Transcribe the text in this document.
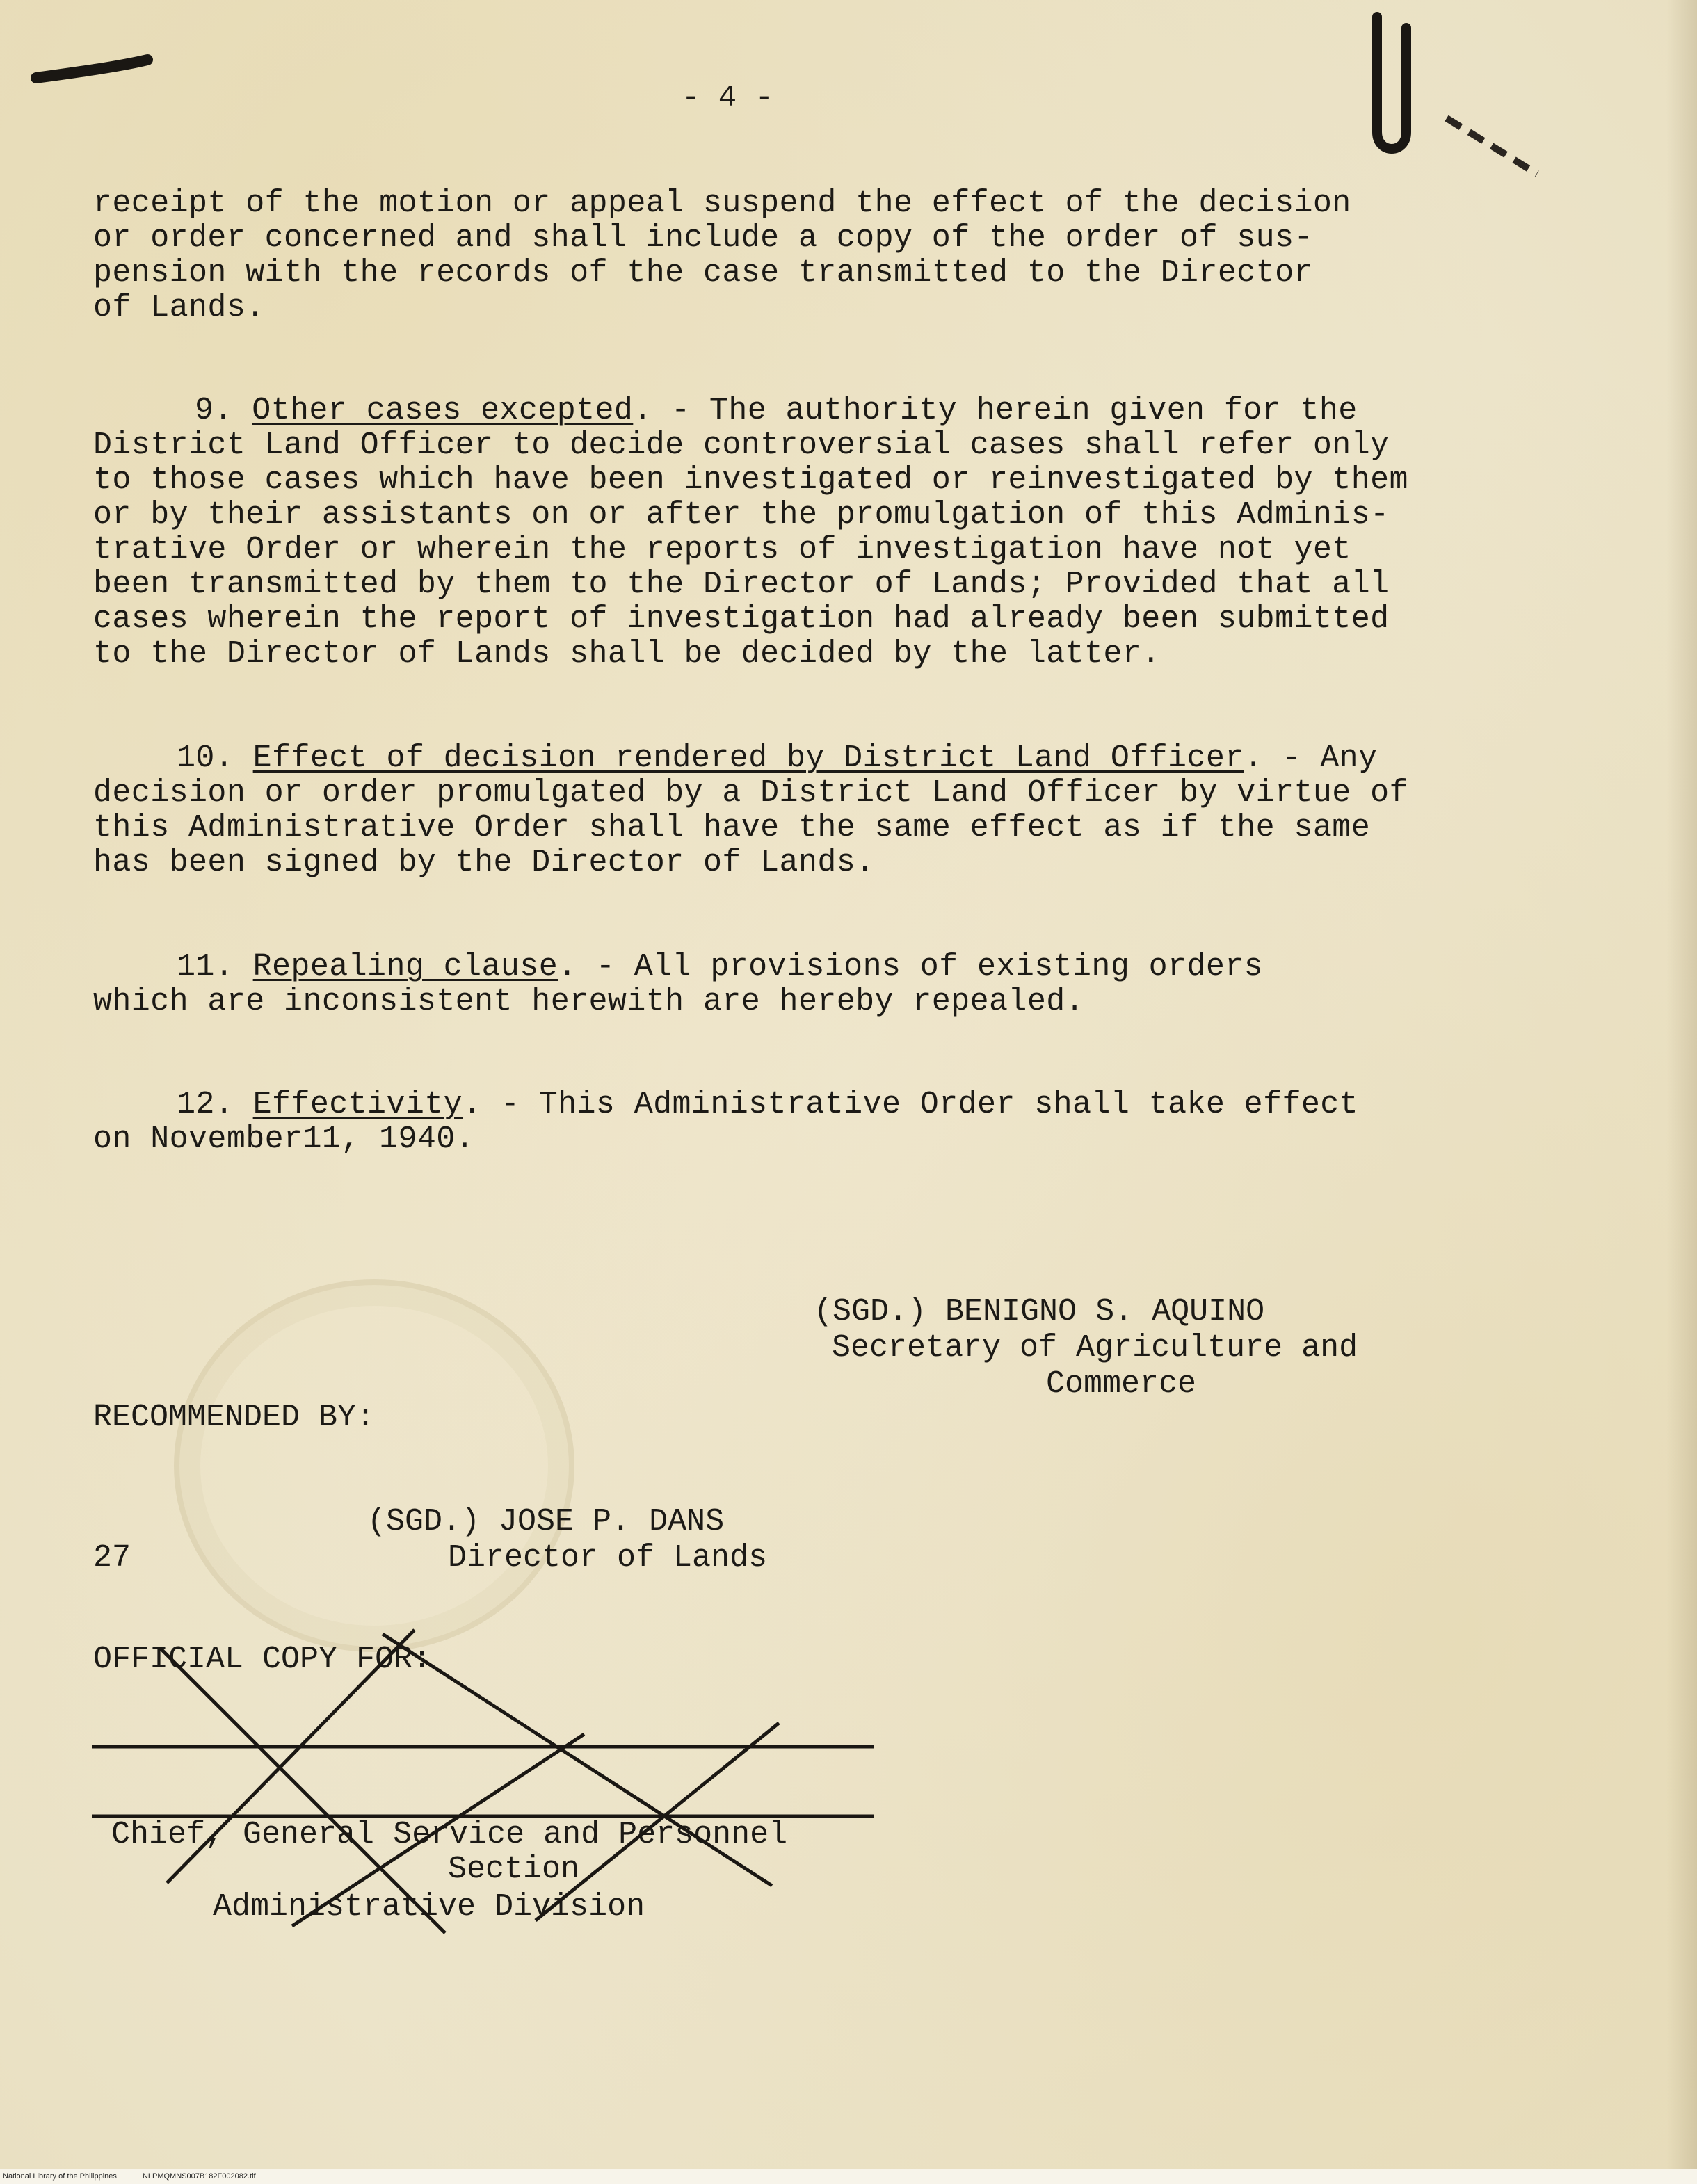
- 4 -
receipt of the motion or appeal suspend the effect of the decision
or order concerned and shall include a copy of the order of sus-
pension with the records of the case transmitted to the Director
of Lands.
9. Other cases excepted. - The authority herein given for the
District Land Officer to decide controversial cases shall refer only
to those cases which have been investigated or reinvestigated by them
or by their assistants on or after the promulgation of this Adminis-
trative Order or wherein the reports of investigation have not yet
been transmitted by them to the Director of Lands; Provided that all
cases wherein the report of investigation had already been submitted
to the Director of Lands shall be decided by the latter.
10. Effect of decision rendered by District Land Officer. - Any
decision or order promulgated by a District Land Officer by virtue of
this Administrative Order shall have the same effect as if the same
has been signed by the Director of Lands.
11. Repealing clause. - All provisions of existing orders
which are inconsistent herewith are hereby repealed.
12. Effectivity. - This Administrative Order shall take effect
on November11, 1940.
(SGD.) BENIGNO S. AQUINO
Secretary of Agriculture and
Commerce
RECOMMENDED BY:
(SGD.) JOSE P. DANS
Director of Lands
27
OFFICIAL COPY FOR:
Chief, General Service and Personnel
Section
Administrative Division
National Library of the Philippines	NLPMQMNS007B182F002082.tif
